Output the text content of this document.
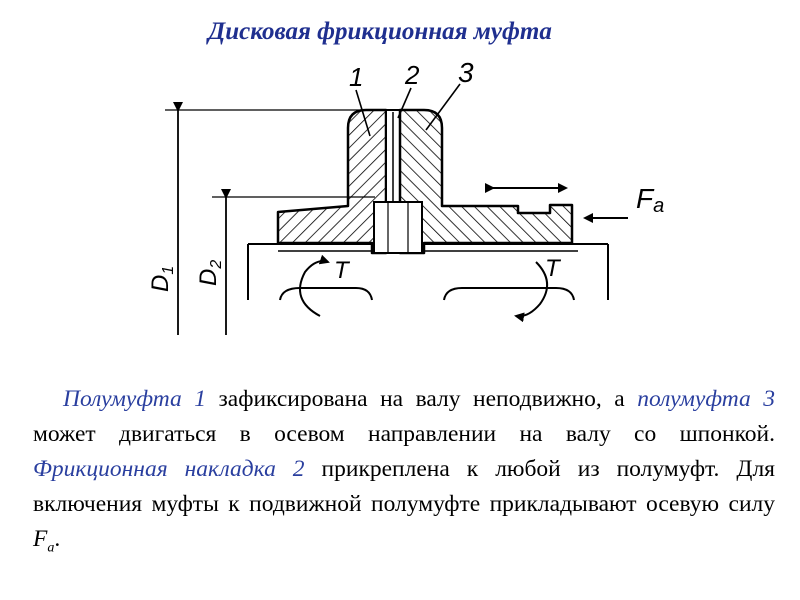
Дисковая фрикционная муфта
$D_1$ $D_2$
1 2 3
Fa
T	T
Полумуфта 1 зафиксирована на валу неподвижно, а полумуфта 3 может двигаться в осевом направлении на валу со шпонкой. Фрикционная накладка 2 прикреплена к любой из полумуфт. Для включения муфты к подвижной полумуфте прикладывают осевую силу $F_a$.
